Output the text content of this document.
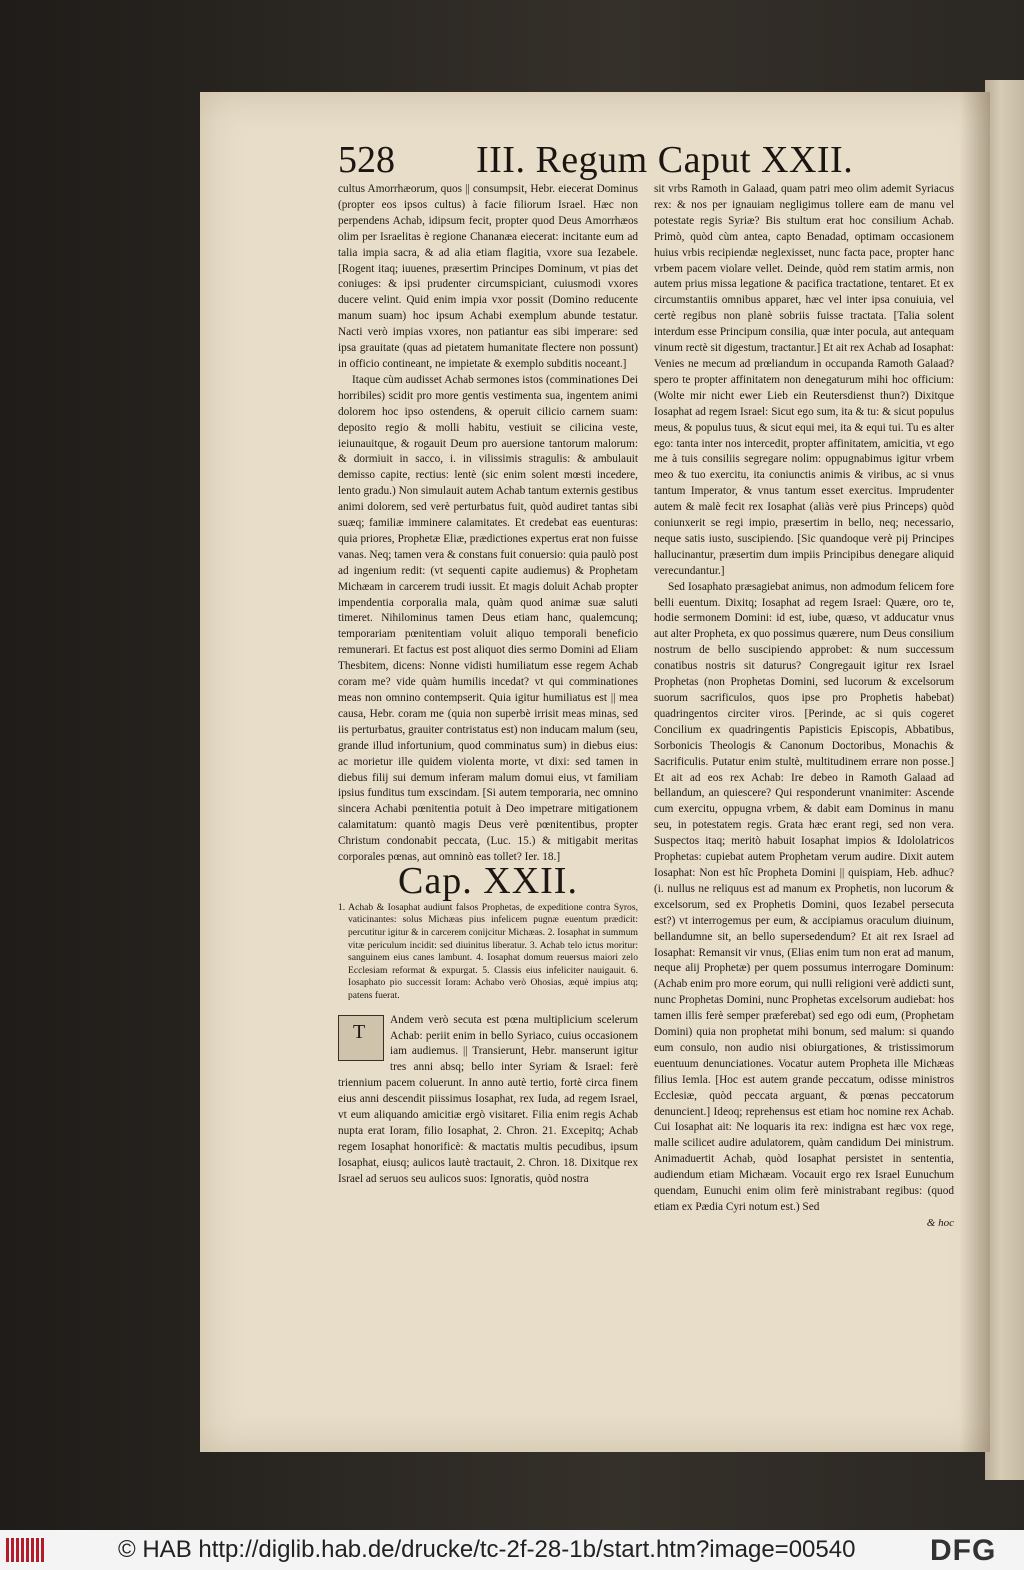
528 III. Regum Caput XXII.

cultus Amorrhæorum, quos || consumpsit, Hebr. eiecerat Dominus (propter eos ipsos cultus) à facie filiorum Israel. Hæc non perpendens Achab, idipsum fecit, propter quod Deus Amorrhæos olim per Israelitas è regione Chananæa eiecerat: incitante eum ad talia impia sacra, & ad alia etiam flagitia, vxore sua Iezabele. [Rogent itaq; iuuenes, præsertim Principes Dominum, vt pias det coniuges: & ipsi prudenter circumspiciant, cuiusmodi vxores ducere velint. Quid enim impia vxor possit (Domino reducente manum suam) hoc ipsum Achabi exemplum abunde testatur. Nacti verò impias vxores, non patiantur eas sibi imperare: sed ipsa grauitate (quas ad pietatem humanitate flectere non possunt) in officio contineant, ne impietate & exemplo subditis noceant.]

Itaque cùm audisset Achab sermones istos (comminationes Dei horribiles) scidit pro more gentis vestimenta sua, ingentem animi dolorem hoc ipso ostendens, & operuit cilicio carnem suam: deposito regio & molli habitu, vestiuit se cilicina veste, ieiunauitque, & rogauit Deum pro auersione tantorum malorum: & dormiuit in sacco, i. in vilissimis stragulis: & ambulauit demisso capite, rectius: lentè (sic enim solent mœsti incedere, lento gradu.) Non simulauit autem Achab tantum externis gestibus animi dolorem, sed verè perturbatus fuit, quòd audiret tantas sibi suæq; familiæ imminere calamitates. Et credebat eas euenturas: quia priores, Prophetæ Eliæ, prædictiones expertus erat non fuisse vanas. Neq; tamen vera & constans fuit conuersio: quia paulò post ad ingenium redit: (vt sequenti capite audiemus) & Prophetam Michæam in carcerem trudi iussit. Et magis doluit Achab propter impendentia corporalia mala, quàm quod animæ suæ saluti timeret. Nihilominus tamen Deus etiam hanc, qualemcunq; temporariam pœnitentiam voluit aliquo temporali beneficio remunerari. Et factus est post aliquot dies sermo Domini ad Eliam Thesbitem, dicens: Nonne vidisti humiliatum esse regem Achab coram me? vide quàm humilis incedat? vt qui comminationes meas non omnino contempserit. Quia igitur humiliatus est || mea causa, Hebr. coram me (quia non superbè irrisit meas minas, sed iis perturbatus, grauiter contristatus est) non inducam malum (seu, grande illud infortunium, quod comminatus sum) in diebus eius: ac morietur ille quidem violenta morte, vt dixi: sed tamen in diebus filij sui demum inferam malum domui eius, vt familiam ipsius funditus tum exscindam. [Si autem temporaria, nec omnino sincera Achabi pœnitentia potuit à Deo impetrare mitigationem calamitatum: quantò magis Deus verè pœnitentibus, propter Christum condonabit peccata, (Luc. 15.) & mitigabit meritas corporales pœnas, aut omninò eas tollet? Ier. 18.]

Cap. XXII.
1. Achab & Iosaphat audiunt falsos Prophetas, de expeditione contra Syros, vaticinantes: solus Michæas pius infelicem pugnæ euentum prædicit: percutitur igitur & in carcerem conijcitur Michæas. 2. Iosaphat in summum vitæ periculum incidit: sed diuinitus liberatur. 3. Achab telo ictus moritur: sanguinem eius canes lambunt. 4. Iosaphat domum reuersus maiori zelo Ecclesiam reformat & expurgat. 5. Classis eius infeliciter nauigauit. 6. Iosaphato pio successit Ioram: Achabo verò Ohosias, æquè impius atq; patens fuerat.
T

Andem verò secuta est pœna multiplicium scelerum Achab: periit enim in bello Syriaco, cuius occasionem iam audiemus. || Transierunt, Hebr. manserunt igitur tres anni absq; bello inter Syriam & Israel: ferè triennium pacem coluerunt. In anno autè tertio, fortè circa finem eius anni descendit piissimus Iosaphat, rex Iuda, ad regem Israel, vt eum aliquando amicitiæ ergò visitaret. Filia enim regis Achab nupta erat Ioram, filio Iosaphat, 2. Chron. 21. Excepitq; Achab regem Iosaphat honorificè: & mactatis multis pecudibus, ipsum Iosaphat, eiusq; aulicos lautè tractauit, 2. Chron. 18. Dixitque rex Israel ad seruos seu aulicos suos: Ignoratis, quòd nostra

sit vrbs Ramoth in Galaad, quam patri meo olim ademit Syriacus rex: & nos per ignauiam negligimus tollere eam de manu vel potestate regis Syriæ? Bis stultum erat hoc consilium Achab. Primò, quòd cùm antea, capto Benadad, optimam occasionem huius vrbis recipiendæ neglexisset, nunc facta pace, propter hanc vrbem pacem violare vellet. Deinde, quòd rem statim armis, non autem prius missa legatione & pacifica tractatione, tentaret. Et ex circumstantiis omnibus apparet, hæc vel inter ipsa conuiuia, vel certè regibus non planè sobriis fuisse tractata. [Talia solent interdum esse Principum consilia, quæ inter pocula, aut antequam vinum rectè sit digestum, tractantur.] Et ait rex Achab ad Iosaphat: Venies ne mecum ad prœliandum in occupanda Ramoth Galaad? spero te propter affinitatem non denegaturum mihi hoc officium: (Wolte mir nicht ewer Lieb ein Reutersdienst thun?) Dixitque Iosaphat ad regem Israel: Sicut ego sum, ita & tu: & sicut populus meus, & populus tuus, & sicut equi mei, ita & equi tui. Tu es alter ego: tanta inter nos intercedit, propter affinitatem, amicitia, vt ego me à tuis consiliis segregare nolim: oppugnabimus igitur vrbem meo & tuo exercitu, ita coniunctis animis & viribus, ac si vnus tantum Imperator, & vnus tantum esset exercitus. Imprudenter autem & malè fecit rex Iosaphat (aliàs verè pius Princeps) quòd coniunxerit se regi impio, præsertim in bello, neq; necessario, neque satis iusto, suscipiendo. [Sic quandoque verè pij Principes hallucinantur, præsertim dum impiis Principibus denegare aliquid verecundantur.]

Sed Iosaphato præsagiebat animus, non admodum felicem fore belli euentum. Dixitq; Iosaphat ad regem Israel: Quære, oro te, hodie sermonem Domini: id est, iube, quæso, vt adducatur vnus aut alter Propheta, ex quo possimus quærere, num Deus consilium nostrum de bello suscipiendo approbet: & num successum conatibus nostris sit daturus? Congregauit igitur rex Israel Prophetas (non Prophetas Domini, sed lucorum & excelsorum suorum sacrificulos, quos ipse pro Prophetis habebat) quadringentos circiter viros. [Perinde, ac si quis cogeret Concilium ex quadringentis Papisticis Episcopis, Abbatibus, Sorbonicis Theologis & Canonum Doctoribus, Monachis & Sacrificulis. Putatur enim stultè, multitudinem errare non posse.] Et ait ad eos rex Achab: Ire debeo in Ramoth Galaad ad bellandum, an quiescere? Qui responderunt vnanimiter: Ascende cum exercitu, oppugna vrbem, & dabit eam Dominus in manu seu, in potestatem regis. Grata hæc erant regi, sed non vera. Suspectos itaq; meritò habuit Iosaphat impios & Idololatricos Prophetas: cupiebat autem Prophetam verum audire. Dixit autem Iosaphat: Non est hîc Propheta Domini || quispiam, Heb. adhuc? (i. nullus ne reliquus est ad manum ex Prophetis, non lucorum & excelsorum, sed ex Prophetis Domini, quos Iezabel persecuta est?) vt interrogemus per eum, & accipiamus oraculum diuinum, bellandumne sit, an bello supersedendum? Et ait rex Israel ad Iosaphat: Remansit vir vnus, (Elias enim tum non erat ad manum, neque alij Prophetæ) per quem possumus interrogare Dominum: (Achab enim pro more eorum, qui nulli religioni verè addicti sunt, nunc Prophetas Domini, nunc Prophetas excelsorum audiebat: hos tamen illis ferè semper præferebat) sed ego odi eum, (Prophetam Domini) quia non prophetat mihi bonum, sed malum: si quando eum consulo, non audio nisi obiurgationes, & tristissimorum euentuum denunciationes. Vocatur autem Propheta ille Michæas filius Iemla. [Hoc est autem grande peccatum, odisse ministros Ecclesiæ, quòd peccata arguant, & pœnas peccatorum denuncient.] Ideoq; reprehensus est etiam hoc nomine rex Achab. Cui Iosaphat ait: Ne loquaris ita rex: indigna est hæc vox rege, malle scilicet audire adulatorem, quàm candidum Dei ministrum. Animaduertit Achab, quòd Iosaphat persistet in sententia, audiendum etiam Michæam. Vocauit ergo rex Israel Eunuchum quendam, Eunuchi enim olim ferè ministrabant regibus: (quod etiam ex Pædia Cyri notum est.) Sed

& hoc
© HAB http://diglib.hab.de/drucke/tc-2f-28-1b/start.htm?image=00540 DFG
